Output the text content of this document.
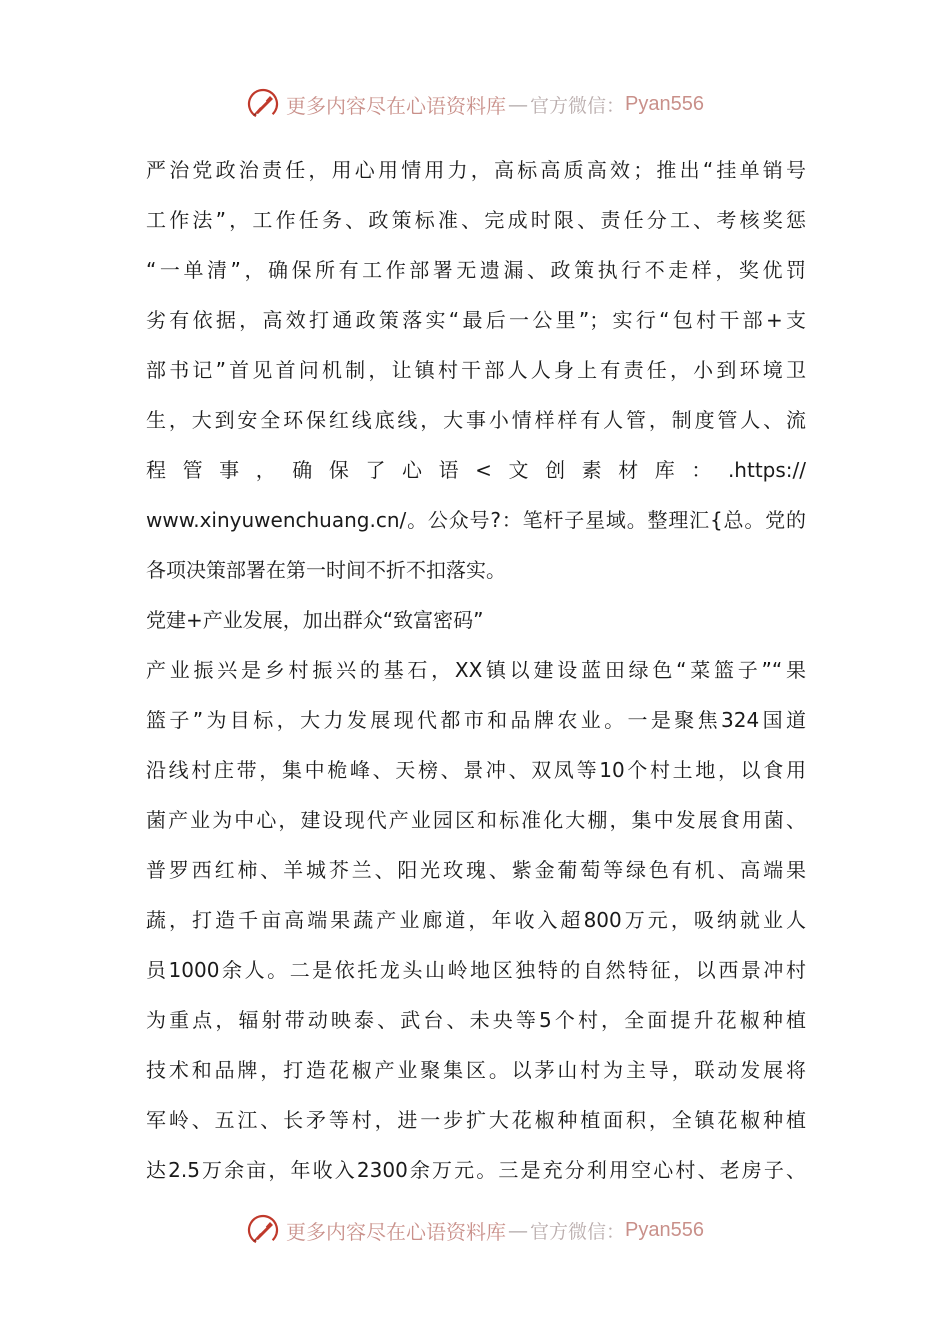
更多内容尽在心语资料库 — 官方微信： Pyan556
严治党政治责任，用心用情用力，高标高质高效；推出“挂单销号
工作法”，工作任务、政策标准、完成时限、责任分工、考核奖惩
“一单清”，确保所有工作部署无遗漏、政策执行不走样，奖优罚
劣有依据，高效打通政策落实“最后一公里”；实行“包村干部+支
部书记”首见首问机制，让镇村干部人人身上有责任，小到环境卫
生，大到安全环保红线底线，大事小情样样有人管，制度管人、流
程管事，确保了心语<文创素材库：.https://
www.xinyuwenchuang.cn/。公众号?：笔杆子星域。整理汇{总。党的
各项决策部署在第一时间不折不扣落实。
党建+产业发展，加出群众“致富密码”
产业振兴是乡村振兴的基石，XX镇以建设蓝田绿色“菜篮子”“果
篮子”为目标，大力发展现代都市和品牌农业。一是聚焦324国道
沿线村庄带，集中桅峰、天榜、景冲、双凤等10个村土地，以食用
菌产业为中心，建设现代产业园区和标准化大棚，集中发展食用菌、
普罗西红柿、羊城芥兰、阳光玫瑰、紫金葡萄等绿色有机、高端果
蔬，打造千亩高端果蔬产业廊道，年收入超800万元，吸纳就业人
员1000余人。二是依托龙头山岭地区独特的自然特征，以西景冲村
为重点，辐射带动映泰、武台、未央等5个村，全面提升花椒种植
技术和品牌，打造花椒产业聚集区。以茅山村为主导，联动发展将
军岭、五江、长矛等村，进一步扩大花椒种植面积，全镇花椒种植
达2.5万余亩，年收入2300余万元。三是充分利用空心村、老房子、
更多内容尽在心语资料库 — 官方微信： Pyan556
